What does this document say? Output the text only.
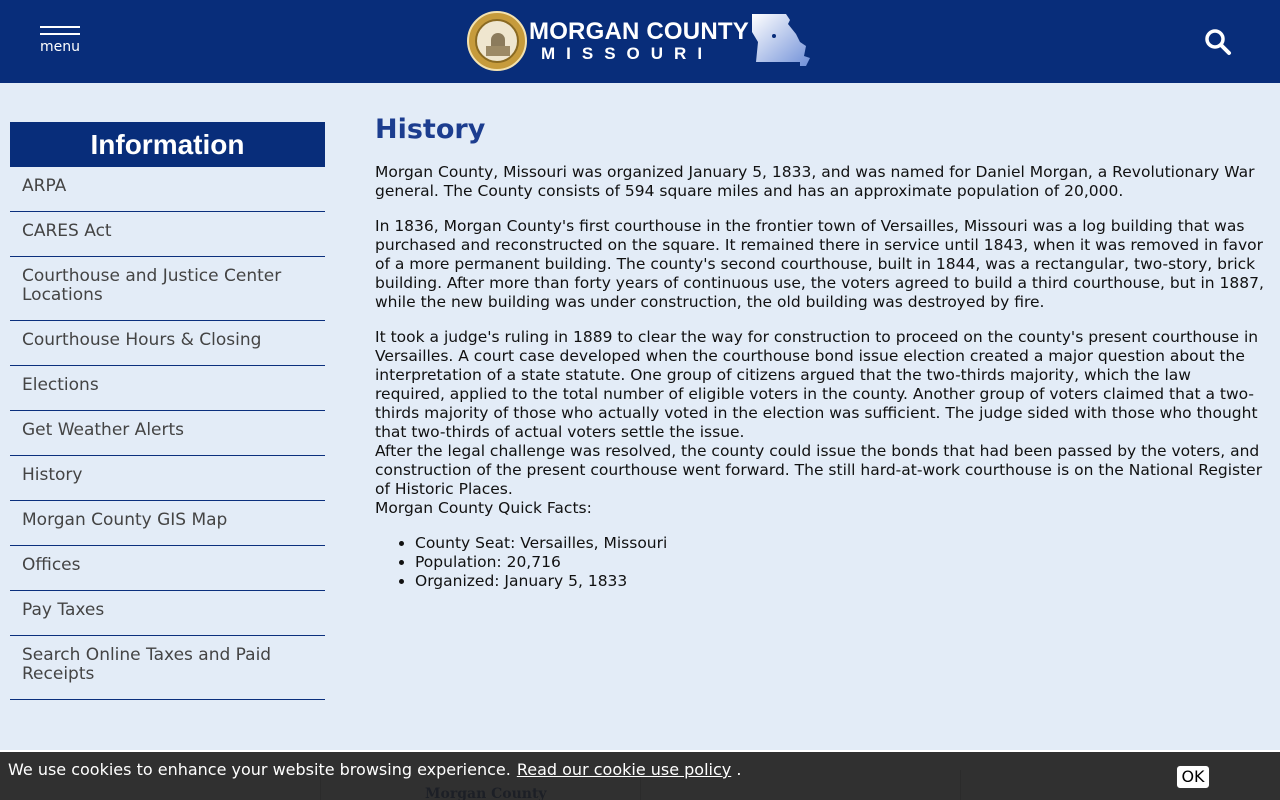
menu
MORGAN COUNTY
MISSOURI
Information
ARPA
CARES Act
Courthouse and Justice Center Locations
Courthouse Hours & Closing
Elections
Get Weather Alerts
History
Morgan County GIS Map
Offices
Pay Taxes
Search Online Taxes and Paid Receipts
History

Morgan County, Missouri was organized January 5, 1833, and was named for Daniel Morgan, a Revolutionary War general. The County consists of 594 square miles and has an approximate population of 20,000.

In 1836, Morgan County's first courthouse in the frontier town of Versailles, Missouri was a log building that was purchased and reconstructed on the square. It remained there in service until 1843, when it was removed in favor of a more permanent building. The county's second courthouse, built in 1844, was a rectangular, two-story, brick building. After more than forty years of continuous use, the voters agreed to build a third courthouse, but in 1887, while the new building was under construction, the old building was destroyed by fire.

It took a judge's ruling in 1889 to clear the way for construction to proceed on the county's present courthouse in Versailles. A court case developed when the courthouse bond issue election created a major question about the interpretation of a state statute. One group of citizens argued that the two-thirds majority, which the law required, applied to the total number of eligible voters in the county. Another group of voters claimed that a two-thirds majority of those who actually voted in the election was sufficient. The judge sided with those who thought that two-thirds of actual voters settle the issue.

After the legal challenge was resolved, the county could issue the bonds that had been passed by the voters, and construction of the present courthouse went forward. The still hard-at-work courthouse is on the National Register of Historic Places.

Morgan County Quick Facts:

• County Seat: Versailles, Missouri
• Population: 20,716
• Organized: January 5, 1833
We use cookies to enhance your website browsing experience. Read our cookie use policy .	OK
